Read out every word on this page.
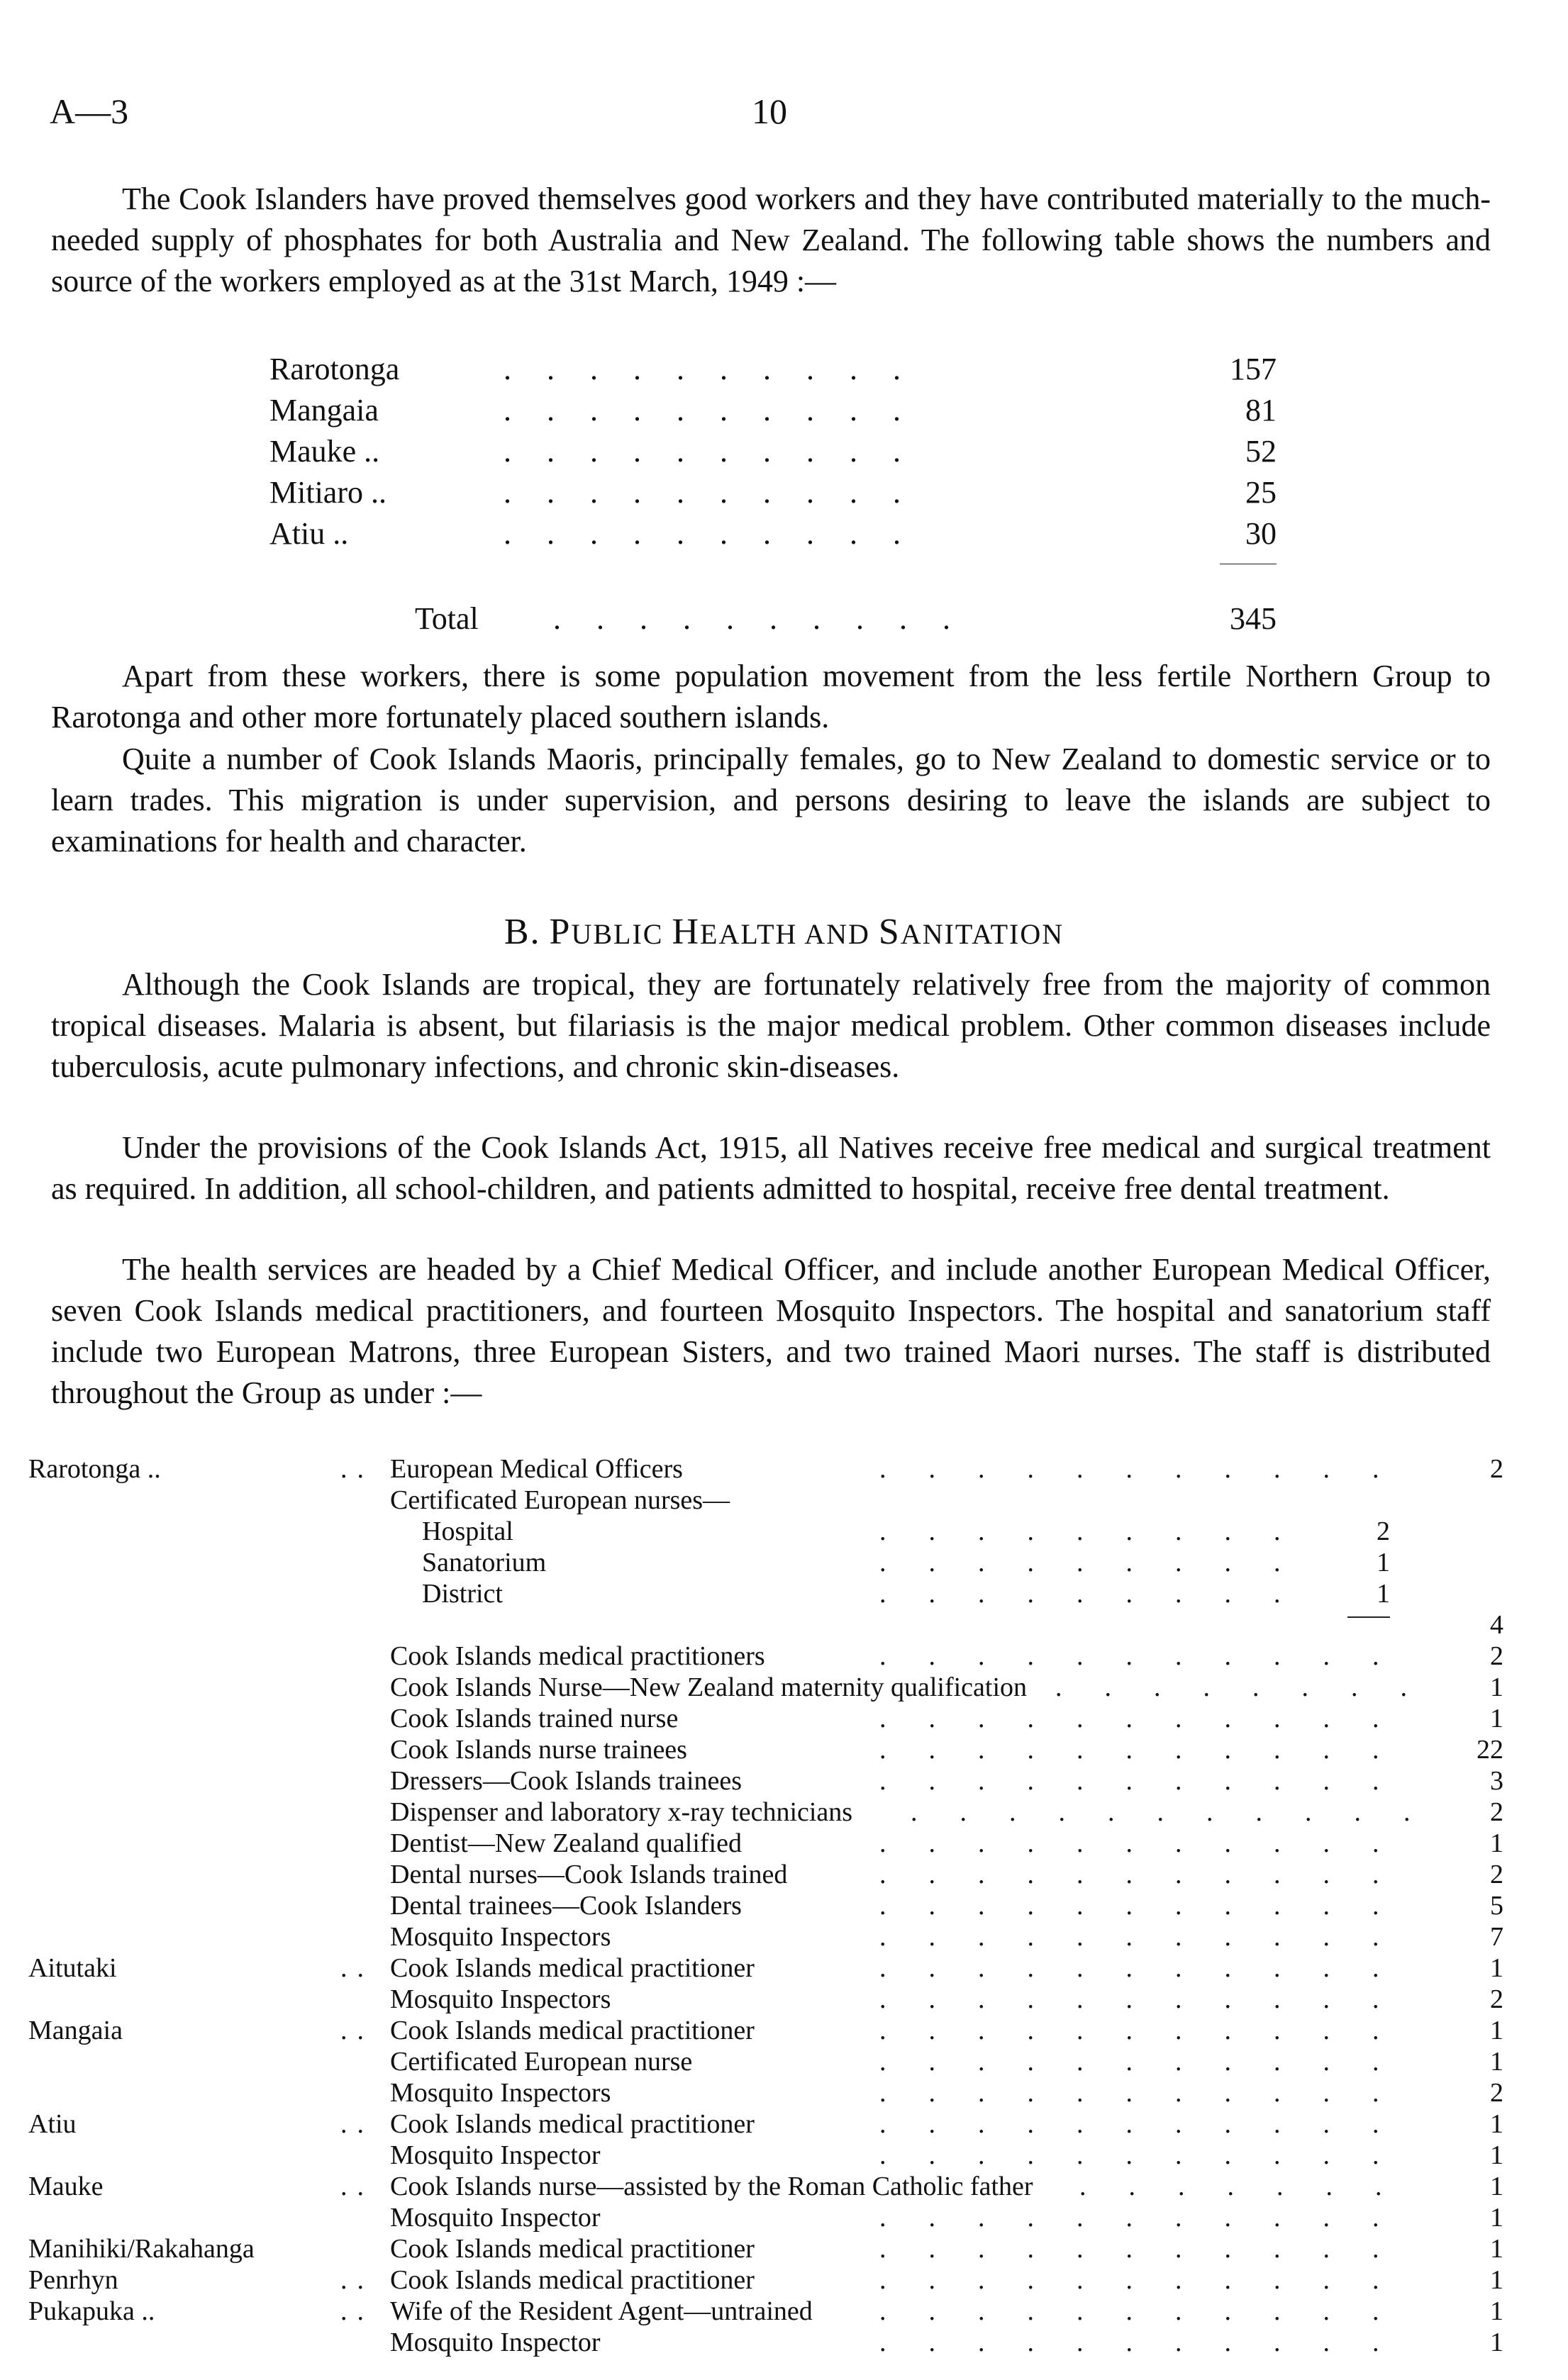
A—3	10

The Cook Islanders have proved themselves good workers and they have contributed materially to the much-needed supply of phosphates for both Australia and New Zealand. The following table shows the numbers and source of the workers employed as at the 31st March, 1949 :—

Rarotonga	..........	157
Mangaia	..........	81
Mauke ..	..........	52
Mitiaro ..	..........	25
Atiu ..	..........	30
Total ..........	345

Apart from these workers, there is some population movement from the less fertile Northern Group to Rarotonga and other more fortunately placed southern islands.

Quite a number of Cook Islands Maoris, principally females, go to New Zealand to domestic service or to learn trades. This migration is under supervision, and persons desiring to leave the islands are subject to examinations for health and character.

B. PUBLIC HEALTH AND SANITATION

Although the Cook Islands are tropical, they are fortunately relatively free from the majority of common tropical diseases. Malaria is absent, but filariasis is the major medical problem. Other common diseases include tuberculosis, acute pulmonary infections, and chronic skin-diseases.

Under the provisions of the Cook Islands Act, 1915, all Natives receive free medical and surgical treatment as required. In addition, all school-children, and patients admitted to hospital, receive free dental treatment.

The health services are headed by a Chief Medical Officer, and include another European Medical Officer, seven Cook Islands medical practitioners, and fourteen Mosquito Inspectors. The hospital and sanatorium staff include two European Matrons, three European Sisters, and two trained Maori nurses. The staff is distributed throughout the Group as under :—

Rarotonga ..	.. European Medical Officers	...........	2
Certificated European nurses—
Hospital	.........	2
Sanatorium	.........	1
District	.........	1
4
Cook Islands medical practitioners	...........	2
Cook Islands Nurse—New Zealand maternity qualification ........	1
Cook Islands trained nurse	...........	1
Cook Islands nurse trainees	........... 22
Dressers—Cook Islands trainees	...........	3
Dispenser and laboratory x-ray technicians ...........	2
Dentist—New Zealand qualified	...........	1
Dental nurses—Cook Islands trained	...........	2
Dental trainees—Cook Islanders	...........	5
Mosquito Inspectors	...........	7
Aitutaki	.. Cook Islands medical practitioner	...........	1
Mosquito Inspectors	...........	2
Mangaia	.. Cook Islands medical practitioner	...........	1
Certificated European nurse	...........	1
Mosquito Inspectors	...........	2
Atiu	.. Cook Islands medical practitioner	...........	1
Mosquito Inspector	...........	1
Mauke	.. Cook Islands nurse—assisted by the Roman Catholic father .......	1
Mosquito Inspector	...........	1
Manihiki/Rakahanga	Cook Islands medical practitioner	...........	1
Penrhyn	.. Cook Islands medical practitioner	...........	1
Pukapuka ..	.. Wife of the Resident Agent—untrained ...........	1
Mosquito Inspector	...........	1
